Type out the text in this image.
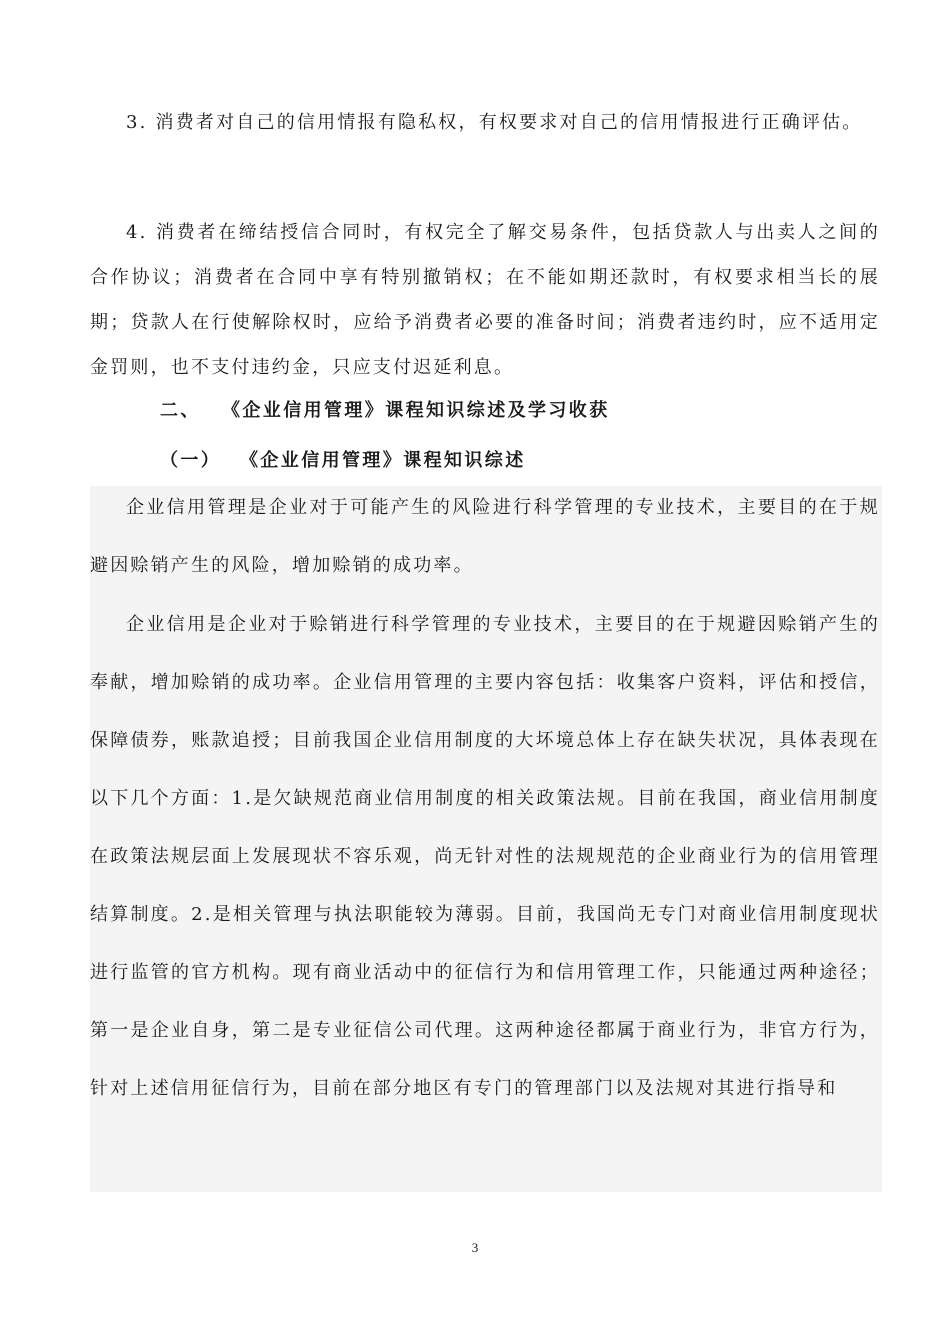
3. 消费者对自己的信用情报有隐私权，有权要求对自己的信用情报进行正确评估。

4. 消费者在缔结授信合同时，有权完全了解交易条件，包括贷款人与出卖人之间的合作协议；消费者在合同中享有特别撤销权；在不能如期还款时，有权要求相当长的展期；贷款人在行使解除权时，应给予消费者必要的准备时间；消费者违约时，应不适用定金罚则，也不支付违约金，只应支付迟延利息。

二、 《企业信用管理》课程知识综述及学习收获
（一） 《企业信用管理》课程知识综述

企业信用管理是企业对于可能产生的风险进行科学管理的专业技术，主要目的在于规避因赊销产生的风险，增加赊销的成功率。

企业信用是企业对于赊销进行科学管理的专业技术，主要目的在于规避因赊销产生的奉献，增加赊销的成功率。企业信用管理的主要内容包括：收集客户资料，评估和授信，保障债券，账款追授；目前我国企业信用制度的大坏境总体上存在缺失状况，具体表现在以下几个方面：1.是欠缺规范商业信用制度的相关政策法规。目前在我国，商业信用制度在政策法规层面上发展现状不容乐观，尚无针对性的法规规范的企业商业行为的信用管理结算制度。2.是相关管理与执法职能较为薄弱。目前，我国尚无专门对商业信用制度现状进行监管的官方机构。现有商业活动中的征信行为和信用管理工作，只能通过两种途径；第一是企业自身，第二是专业征信公司代理。这两种途径都属于商业行为，非官方行为，针对上述信用征信行为，目前在部分地区有专门的管理部门以及法规对其进行指导和

3
